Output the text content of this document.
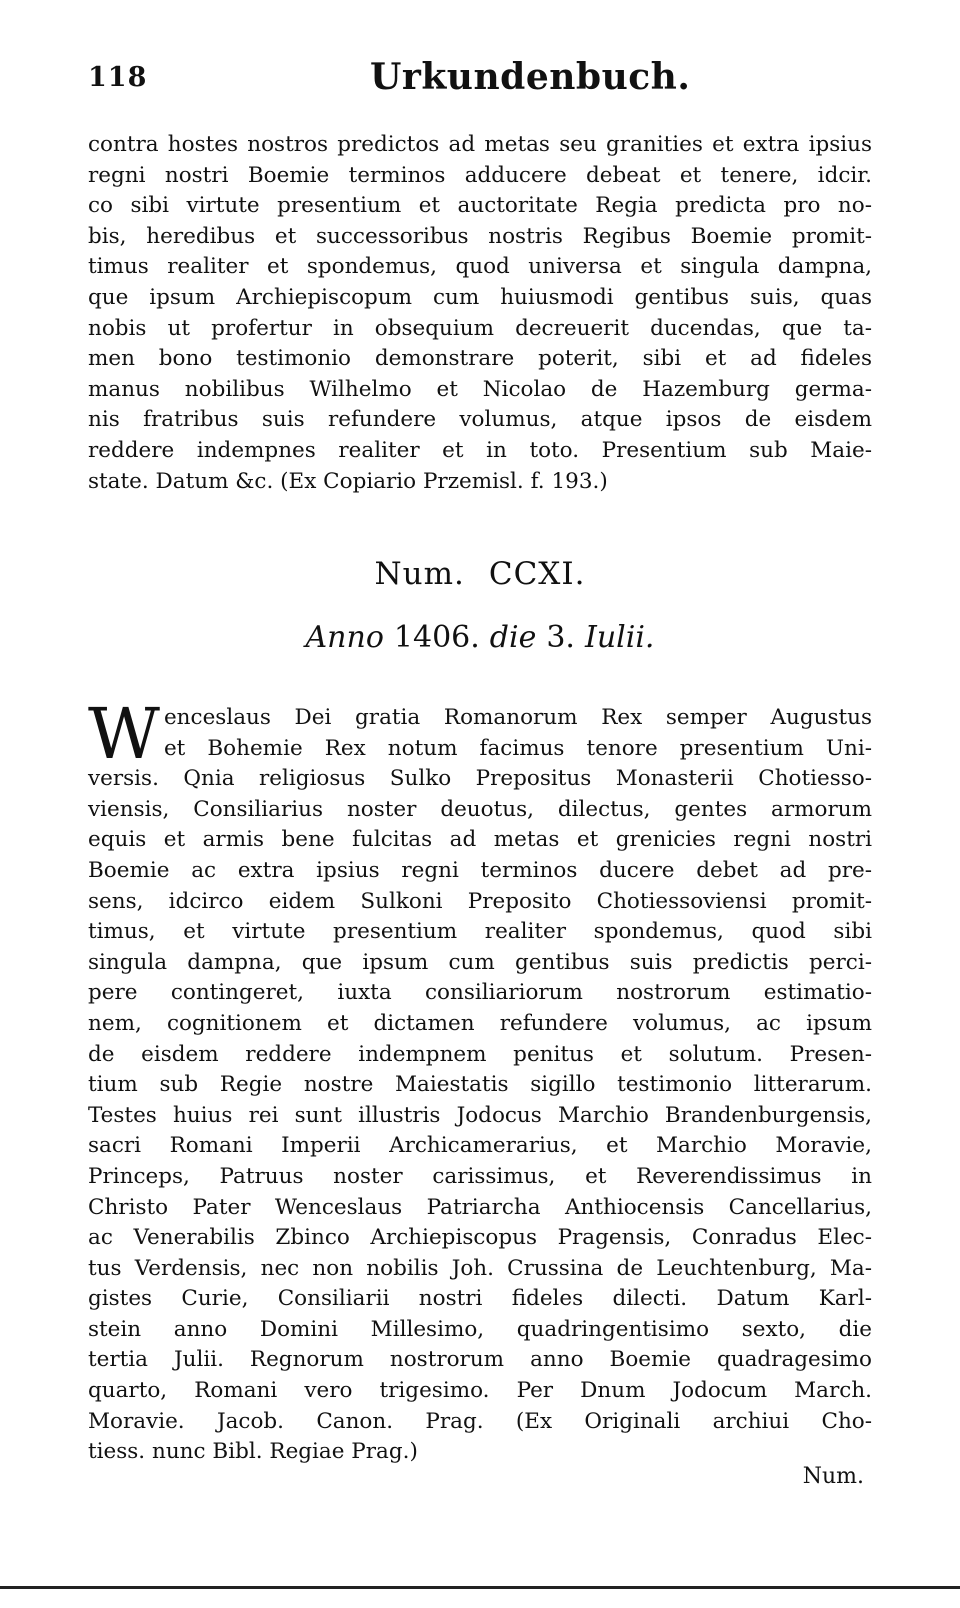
118	Urkundenbuch.
contra hostes nostros predictos ad metas seu granities et extra ipsius
regni nostri Boemie terminos adducere debeat et tenere, idcir.
co sibi virtute presentium et auctoritate Regia predicta pro no-
bis, heredibus et successoribus nostris Regibus Boemie promit-
timus realiter et spondemus, quod universa et singula dampna,
que ipsum Archiepiscopum cum huiusmodi gentibus suis, quas
nobis ut profertur in obsequium decreuerit ducendas, que ta-
men bono testimonio demonstrare poterit, sibi et ad fideles
manus nobilibus Wilhelmo et Nicolao de Hazemburg germa-
nis fratribus suis refundere volumus, atque ipsos de eisdem
reddere indempnes realiter et in toto. Presentium sub Maie-
state. Datum &c. (Ex Copiario Przemisl. f. 193.)
Num. CCXI.
Anno 1406. die 3. Iulii.
W enceslaus Dei gratia Romanorum Rex semper Augustus
et Bohemie Rex notum facimus tenore presentium Uni-
versis. Qnia religiosus Sulko Prepositus Monasterii Chotiesso-
viensis, Consiliarius noster deuotus, dilectus, gentes armorum
equis et armis bene fulcitas ad metas et grenicies regni nostri
Boemie ac extra ipsius regni terminos ducere debet ad pre-
sens, idcirco eidem Sulkoni Preposito Chotiessoviensi promit-
timus, et virtute presentium realiter spondemus, quod sibi
singula dampna, que ipsum cum gentibus suis predictis perci-
pere contingeret, iuxta consiliariorum nostrorum estimatio-
nem, cognitionem et dictamen refundere volumus, ac ipsum
de eisdem reddere indempnem penitus et solutum. Presen-
tium sub Regie nostre Maiestatis sigillo testimonio litterarum.
Testes huius rei sunt illustris Jodocus Marchio Brandenburgensis,
sacri Romani Imperii Archicamerarius, et Marchio Moravie,
Princeps, Patruus noster carissimus, et Reverendissimus in
Christo Pater Wenceslaus Patriarcha Anthiocensis Cancellarius,
ac Venerabilis Zbinco Archiepiscopus Pragensis, Conradus Elec-
tus Verdensis, nec non nobilis Joh. Crussina de Leuchtenburg, Ma-
gistes Curie, Consiliarii nostri fideles dilecti. Datum Karl-
stein anno Domini Millesimo, quadringentisimo sexto, die
tertia Julii. Regnorum nostrorum anno Boemie quadragesimo
quarto, Romani vero trigesimo. Per Dnum Jodocum March.
Moravie. Jacob. Canon. Prag. (Ex Originali archiui Cho-
tiess. nunc Bibl. Regiae Prag.)
Num.
